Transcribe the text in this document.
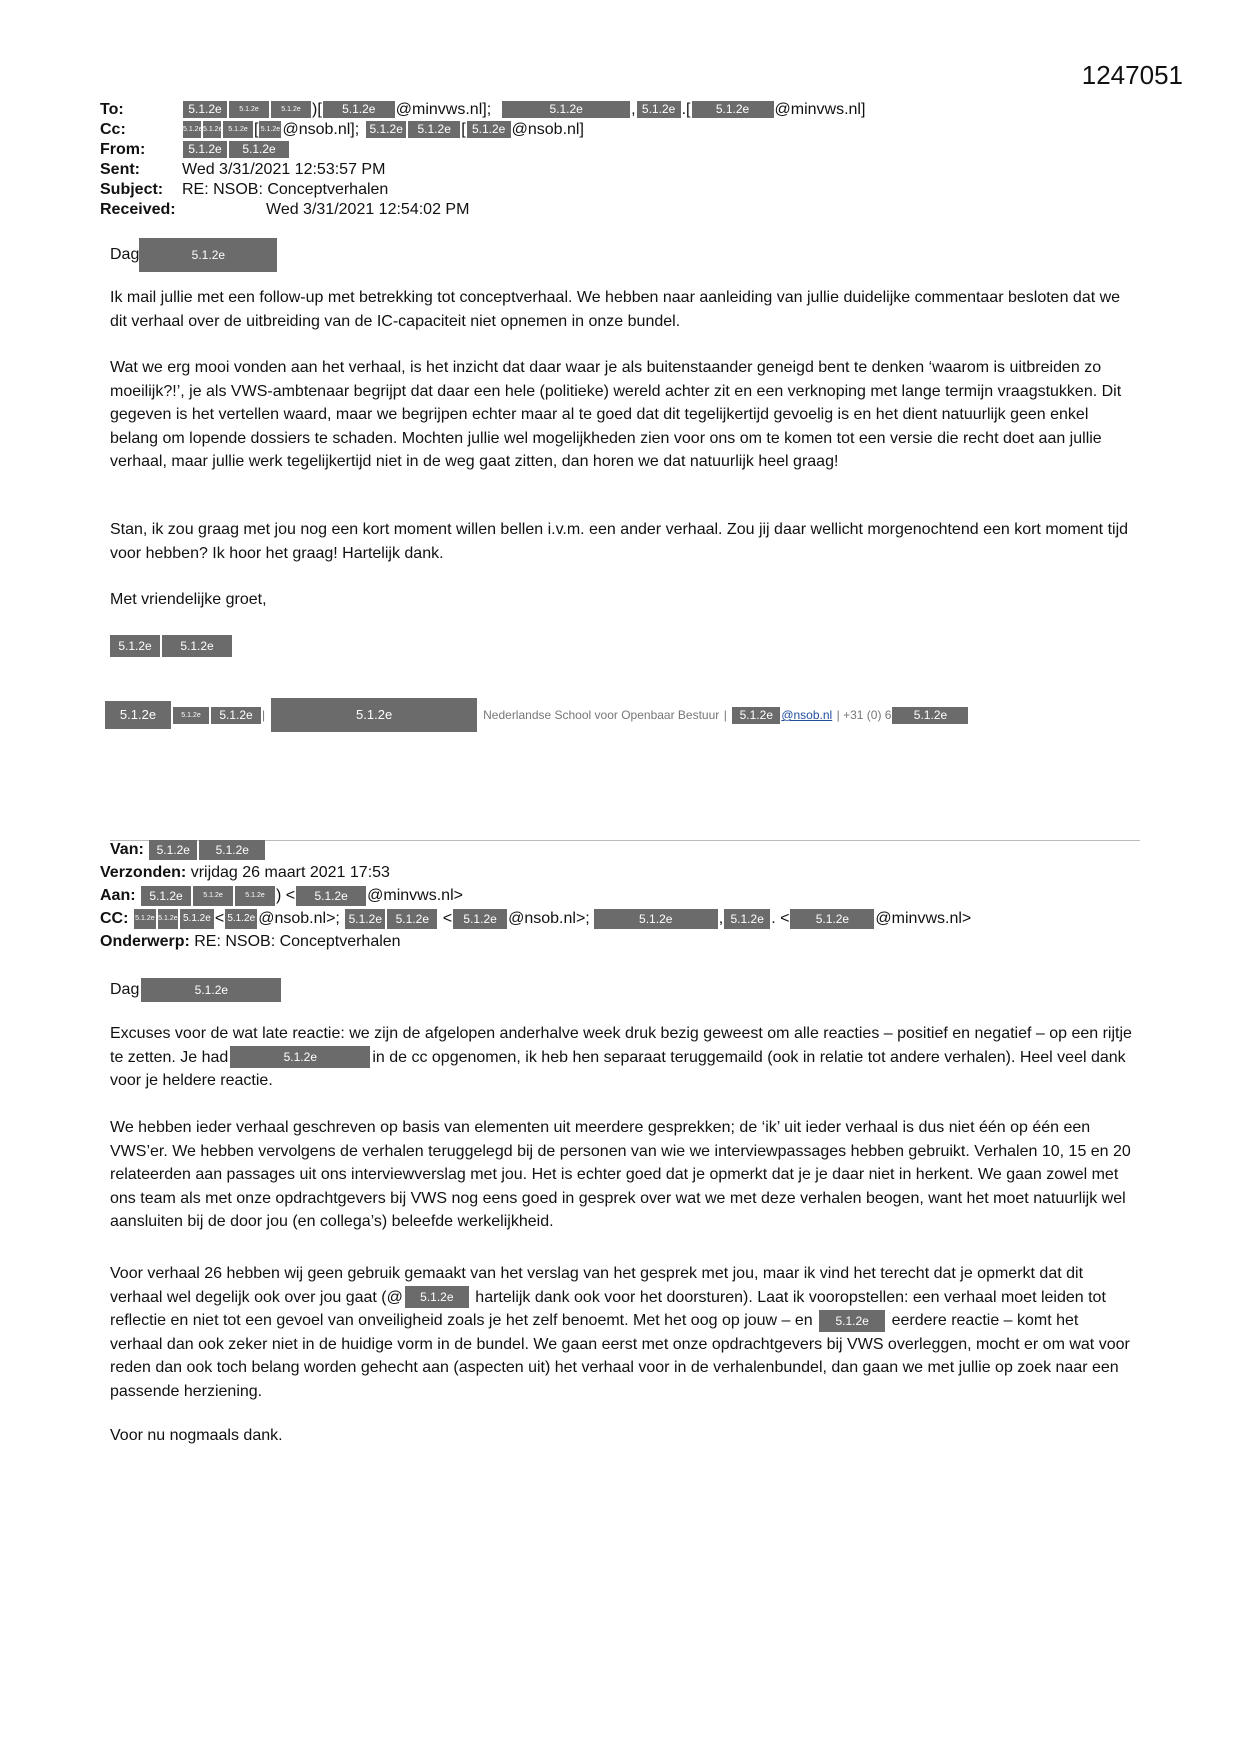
1247051
To:	5.1.2e	5.1.2e	5.1.2e )[ 5.1.2e @minvws.nl];	5.1.2e	, 5.1.2e .[ 5.1.2e @minvws.nl]
Cc:	5.1.2e5.1.2e 5.1.2e [ 5.1.2e @nsob.nl]; 5.1.2e 5.1.2e [ 5.1.2e @nsob.nl]
From:	5.1.2e 5.1.2e
Sent:	Wed 3/31/2021 12:53:57 PM
Subject: RE: NSOB: Conceptverhalen
Received:	Wed 3/31/2021 12:54:02 PM
Dag	5.1.2e

Ik mail jullie met een follow-up met betrekking tot conceptverhaal. We hebben naar aanleiding van jullie duidelijke commentaar besloten dat we dit verhaal over de uitbreiding van de IC-capaciteit niet opnemen in onze bundel.

Wat we erg mooi vonden aan het verhaal, is het inzicht dat daar waar je als buitenstaander geneigd bent te denken ‘waarom is uitbreiden zo moeilijk?!’, je als VWS-ambtenaar begrijpt dat daar een hele (politieke) wereld achter zit en een verknoping met lange termijn vraagstukken. Dit gegeven is het vertellen waard, maar we begrijpen echter maar al te goed dat dit tegelijkertijd gevoelig is en het dient natuurlijk geen enkel belang om lopende dossiers te schaden. Mochten jullie wel mogelijkheden zien voor ons om te komen tot een versie die recht doet aan jullie verhaal, maar jullie werk tegelijkertijd niet in de weg gaat zitten, dan horen we dat natuurlijk heel graag!

Stan, ik zou graag met jou nog een kort moment willen bellen i.v.m. een ander verhaal. Zou jij daar wellicht morgenochtend een kort moment tijd voor hebben? Ik hoor het graag! Hartelijk dank.

Met vriendelijke groet,

5.1.2e 5.1.2e
5.1.2e	5.1.2e 5.1.2e |	5.1.2e	Nederlandse School voor Openbaar Bestuur | 5.1.2e @nsob.nl | +31 (0) 6 5.1.2e
Van: 5.1.2e 5.1.2e
Verzonden: vrijdag 26 maart 2021 17:53
Aan: 5.1.2e	5.1.2e	5.1.2e ) < 5.1.2e @minvws.nl>
CC: 5.1.2e 5.1.2e 5.1.2e < 5.1.2e @nsob.nl>; 5.1.2e 5.1.2e < 5.1.2e @nsob.nl>;	5.1.2e	, 5.1.2e . < 5.1.2e @minvws.nl>
Onderwerp: RE: NSOB: Conceptverhalen
Dag	5.1.2e

Excuses voor de wat late reactie: we zijn de afgelopen anderhalve week druk bezig geweest om alle reacties – positief en negatief – op een rijtje te zetten. Je had	5.1.2e	in de cc opgenomen, ik heb hen separaat teruggemaild (ook in relatie tot andere verhalen). Heel veel dank voor je heldere reactie.

We hebben ieder verhaal geschreven op basis van elementen uit meerdere gesprekken; de ‘ik’ uit ieder verhaal is dus niet één op één een VWS’er. We hebben vervolgens de verhalen teruggelegd bij de personen van wie we interviewpassages hebben gebruikt. Verhalen 10, 15 en 20 relateerden aan passages uit ons interviewverslag met jou. Het is echter goed dat je opmerkt dat je je daar niet in herkent. We gaan zowel met ons team als met onze opdrachtgevers bij VWS nog eens goed in gesprek over wat we met deze verhalen beogen, want het moet natuurlijk wel aansluiten bij de door jou (en collega’s) beleefde werkelijkheid.

Voor verhaal 26 hebben wij geen gebruik gemaakt van het verslag van het gesprek met jou, maar ik vind het terecht dat je opmerkt dat dit verhaal wel degelijk ook over jou gaat (@ 5.1.2e hartelijk dank ook voor het doorsturen). Laat ik vooropstellen: een verhaal moet leiden tot reflectie en niet tot een gevoel van onveiligheid zoals je het zelf benoemt. Met het oog op jouw – en 5.1.2e eerdere reactie – komt het verhaal dan ook zeker niet in de huidige vorm in de bundel. We gaan eerst met onze opdrachtgevers bij VWS overleggen, mocht er om wat voor reden dan ook toch belang worden gehecht aan (aspecten uit) het verhaal voor in de verhalenbundel, dan gaan we met jullie op zoek naar een passende herziening.

Voor nu nogmaals dank.
